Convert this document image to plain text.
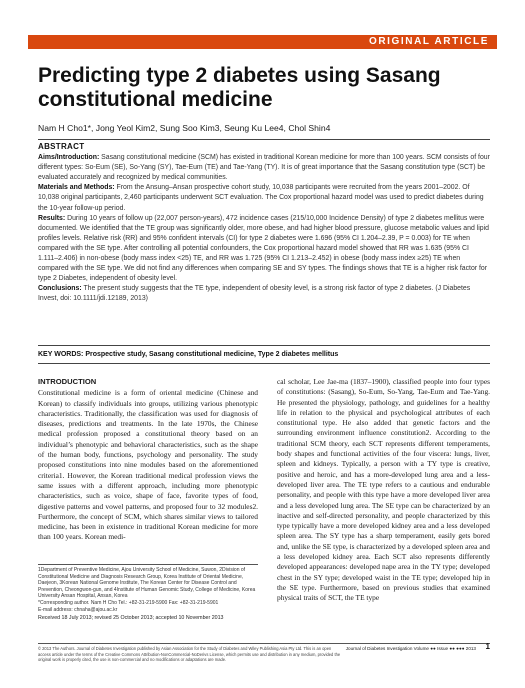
ORIGINAL ARTICLE
Predicting type 2 diabetes using Sasang constitutional medicine
Nam H Cho1*, Jong Yeol Kim2, Sung Soo Kim3, Seung Ku Lee4, Chol Shin4
ABSTRACT

Aims/Introduction: Sasang constitutional medicine (SCM) has existed in traditional Korean medicine for more than 100 years. SCM consists of four different types: So-Eum (SE), So-Yang (SY), Tae-Eum (TE) and Tae-Yang (TY). It is of great importance that the Sasang constitution type (SCT) be evaluated accurately and recognized by medical communities.

Materials and Methods: From the Ansung–Ansan prospective cohort study, 10,038 participants were recruited from the years 2001–2002. Of 10,038 original participants, 2,460 participants underwent SCT evaluation. The Cox proportional hazard model was used to predict diabetes during the 10-year follow-up period.

Results: During 10 years of follow up (22,007 person-years), 472 incidence cases (215/10,000 Incidence Density) of type 2 diabetes mellitus were documented. We identified that the TE group was significantly older, more obese, and had higher blood pressure, glucose metabolic values and lipid profiles levels. Relative risk (RR) and 95% confident intervals (CI) for type 2 diabetes were 1.696 (95% CI 1.204–2.39, P = 0.003) for TE when compared with the SE type. After controlling all potential confounders, the Cox proportional hazard model showed that RR was 1.635 (95% CI 1.111–2.406) in non-obese (body mass index <25) TE, and RR was 1.725 (95% CI 1.213–2.452) in obese (body mass index ≥25) TE when compared with the SE type. We did not find any differences when comparing SE and SY types. The findings shows that TE is a higher risk factor for type 2 Diabetes, independent of obesity level.

Conclusions: The present study suggests that the TE type, independent of obesity level, is a strong risk factor of type 2 diabetes. (J Diabetes Invest, doi: 10.1111/jdi.12189, 2013)

KEY WORDS: Prospective study, Sasang constitutional medicine, Type 2 diabetes mellitus
INTRODUCTION

Constitutional medicine is a form of oriental medicine (Chinese and Korean) to classify individuals into groups, utilizing various phenotypic characteristics. Traditionally, the classification was used for diagnosis of diseases, predictions and treatments. In the late 1970s, the Chinese medical profession proposed a constitutional theory based on an individual’s phenotypic and behavioral characteristics, such as the shape of the human body, functions, psychology and personality. The study proposed constitutions into nine modules based on the aforementioned criteria1. However, the Korean traditional medical profession views the same issues with a different approach, including more phenotypic characteristics, such as voice, shape of face, favorite types of food, digestive patterns and vowel patterns, and proposed four to 32 modules2. Furthermore, the concept of SCM, which shares similar views to tailored medicine, has been in existence in traditional Korean medicine for more than 100 years. Korean medi-

cal scholar, Lee Jae-ma (1837–1900), classified people into four types of constitutions: (Sasang), So-Eum, So-Yang, Tae-Eum and Tae-Yang. He presented the physiology, pathology, and guidelines for a healthy life in relation to the physical and psychological attributes of each constitutional type. He also added that genetic factors and the surrounding environment influence constitution2. According to the traditional SCM theory, each SCT represents different temperaments, body shapes and functional activities of the four viscera: lungs, liver, spleen and kidneys. Typically, a person with a TY type is creative, positive and heroic, and has a more-developed lung area and a less-developed liver area. The TE type refers to a cautious and endurable personality, and people with this type have a more developed liver area and a less developed lung area. The SE type can be characterized by an inactive and self-directed personality, and people characterized by this type typically have a more developed kidney area and a less developed spleen area. The SY type has a sharp temperament, easily gets bored and, unlike the SE type, is characterized by a developed spleen area and a less developed kidney area. Each SCT also represents differently developed appearances: developed nape area in the TY type; developed chest in the SY type; developed waist in the TE type; developed hip in the SE type. Furthermore, based on previous studies that examined physical traits of SCT, the TE type

1Department of Preventive Medicine, Ajou University School of Medicine, Suwon, 2Division of Constitutional Medicine and Diagnosis Research Group, Korea Institute of Oriental Medicine, Daejeon, 3Korean National Genome Institute, The Korean Center for Disease Control and Prevention, Cheongwon-gun, and 4Institute of Human Genomic Study, College of Medicine, Korea University Ansan Hospital, Ansan, Korea
*Corresponding author. Nam H Cho Tel.: +82-31-219-5900 Fax: +82-31-219-5901
E-mail address: chnaha@ajou.ac.kr
Received 18 July 2013; revised 25 October 2013; accepted 10 November 2013
© 2013 The Authors. Journal of Diabetes Investigation published by Asian Association for the Study of Diabetes and Wiley Publishing Asia Pty Ltd. This is an open access article under the terms of the Creative Commons Attribution-NonCommercial-NoDerivs License, which permits use and distribution in any medium, provided the original work is properly cited, the use is non-commercial and no modifications or adaptations are made.
Journal of Diabetes Investigation Volume ●● Issue ●● ●●● 2013 1
